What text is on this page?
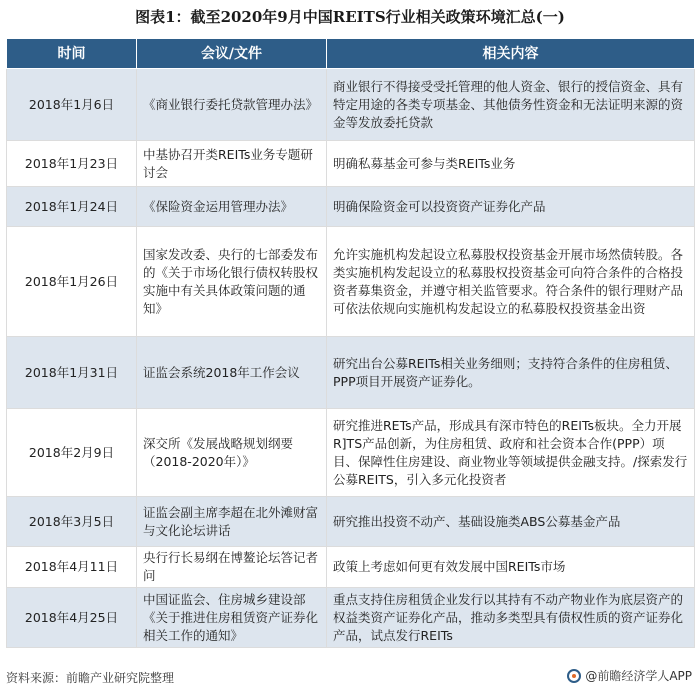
图表1：截至2020年9月中国REITS行业相关政策环境汇总(一)
时间	会议/文件	相关内容
2018年1月6日	《商业银行委托贷款管理办法》	商业银行不得接受受托管理的他人资金、银行的授信资金、具有特定用途的各类专项基金、其他债务性资金和无法证明来源的资金等发放委托贷款
2018年1月23日	中基协召开类REITs业务专题研讨会	明确私募基金可参与类REITs业务
2018年1月24日	《保险资金运用管理办法》	明确保险资金可以投资资产证券化产品
2018年1月26日	国家发改委、央行的七部委发布的《关于市场化银行债权转股权实施中有关具体政策问题的通知》	允许实施机构发起设立私募股权投资基金开展市场然债转股。各类实施机构发起设立的私募股权投资基金可向符合条件的合格投资者募集资金，并遵守相关监管要求。符合条件的银行理财产品可依法依规向实施机构发起设立的私募股权投资基金出资
2018年1月31日	证监会系统2018年工作会议	研究出台公募REITs相关业务细则；支持符合条件的住房租赁、PPP项目开展资产证券化。
2018年2月9日	深交所《发展战略规划纲要（2018-2020年）》	研究推进RETs产品，形成具有深市特色的REITs板块。全力开展R]TS产品创新，为住房租赁、政府和社会资本合作(PPP）项目、保障性住房建设、商业物业等领域提供金融支持。/探索发行公募REITS，引入多元化投资者
2018年3月5日	证监会副主席李超在北外滩财富与文化论坛讲话	研究推出投资不动产、基础设施类ABS公募基金产品
2018年4月11日	央行行长易纲在博鳌论坛答记者问	政策上考虑如何更有效发展中国REITs市场
2018年4月25日	中国证监会、住房城乡建设部《关于推进住房租赁资产证券化相关工作的通知》	重点支持住房租赁企业发行以其持有不动产物业作为底层资产的权益类资产证券化产品，推动多类型具有债权性质的资产证券化产品，试点发行REITs
资料来源：前瞻产业研究院整理	@前瞻经济学人APP
